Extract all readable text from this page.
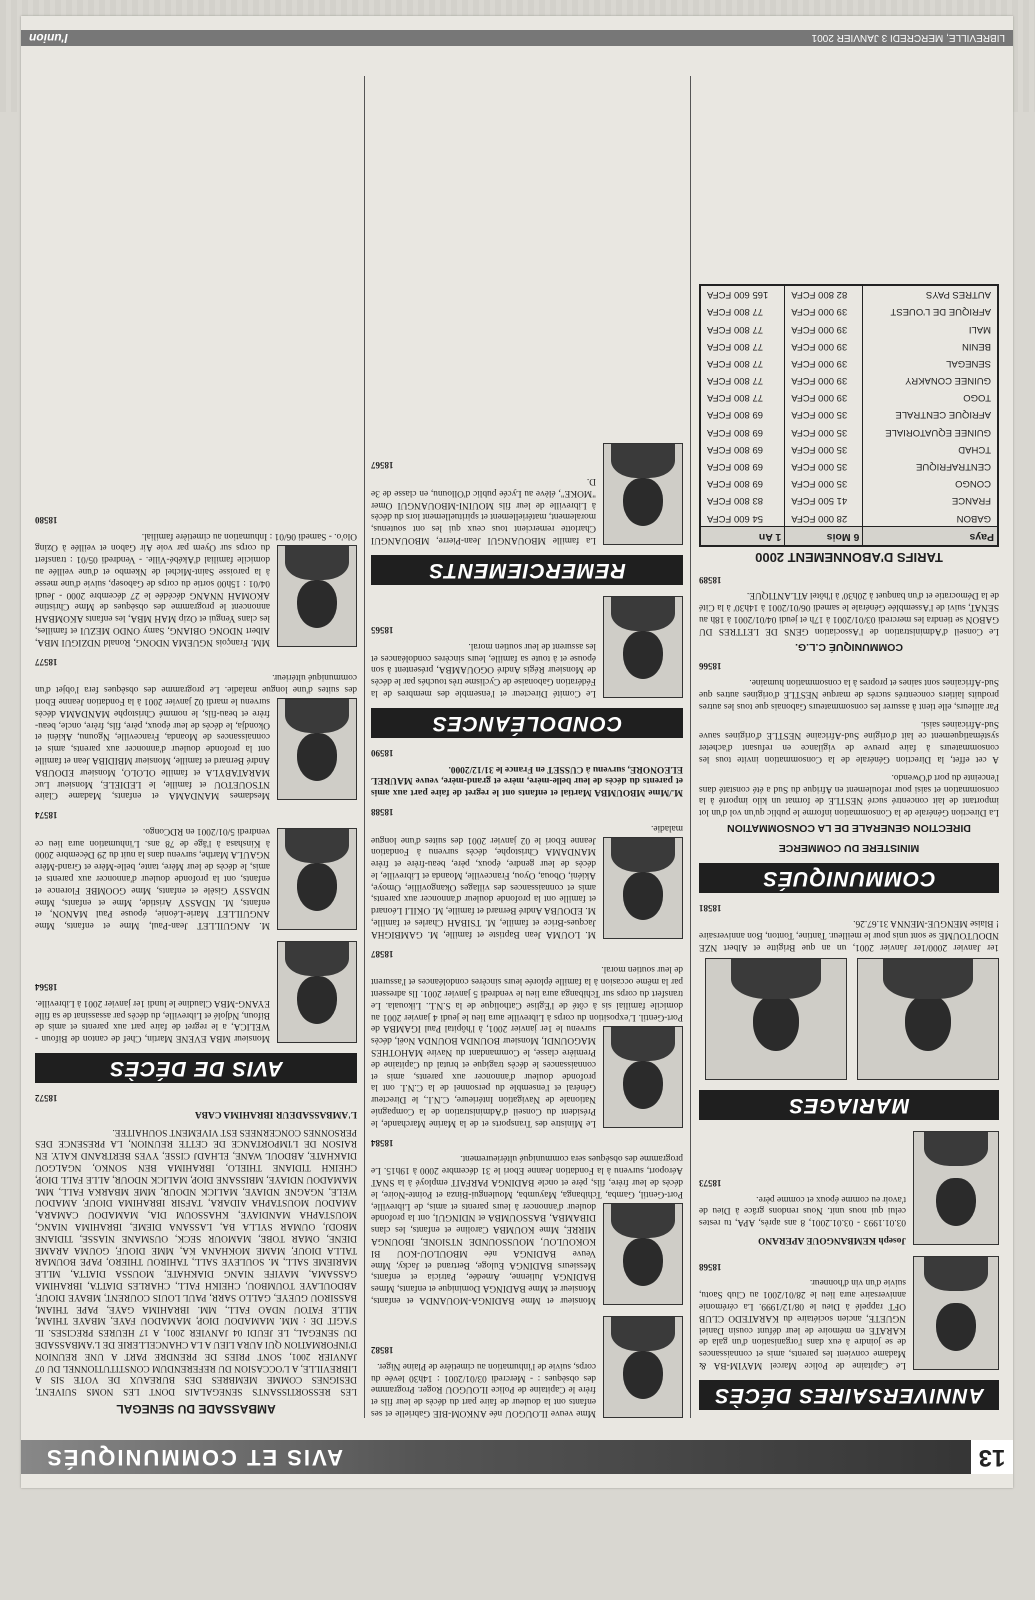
13
AVIS ET COMMUNIQUÉS
ANNIVERSAIRES DÉCÈS

Le Capitaine de Police Marcel MAYIM-BA & Madame convient les parents, amis et connaissances de se joindre à eux dans l'organisation d'un gala de KARATE en mémoire de leur défunt cousin Daniel NGUETE, ancien sociétaire du KARATEDO CLUB OFT rappelé à Dieu le 08/12/1999. La cérémonie anniversaire aura lieu le 28/01/2001 au Club Saotu, suivie d'un vin d'honneur.

18568

Joseph KEMBANGOUE APERANO

03.01.1993 - 03.01.2001, 8 ans après, APA, tu restes celui qui nous unit. Nous rendons grâce à Dieu de t'avoir eu comme époux et comme père.

18573
MARIAGES

1er Janvier 2000/1er Janvier 2001, un an que Brigitte et Albert NZE NDOUTOUME se sont unis pour le meilleur. Tantine, Tonton, Bon anniversaire ! Blaise MENGUE-MENNA 31.67.26.

18581
COMMUNIQUÉS
MINISTERE DU COMMERCE
DIRECTION GENERALE DE LA CONSOMMATION

La Direction Générale de la Consommation informe le public qu'un vol d'un lot important de lait concentré sucré NESTLE de format un kilo importé à la consommation et saisi pour refoulement en Afrique du Sud a été constaté dans l'enceinte du port d'Owendo.

A cet effet, la Direction Générale de la Consommation invite tous les consommateurs à faire preuve de vigilance en refusant d'acheter systématiquement ce lait d'origine Sud-Africaine NESTLE d'origines sauve Sud-Africaines saisi.

Par ailleurs, elle tient à assurer les consommateurs Gabonais que tous les autres produits laitiers concentrés sucrés de marque NESTLE d'origines autres que Sud-Africaines sont saines et propres à la consommation humaine.

18566
COMMUNIQUÉ C.L.G.

Le Conseil d'Administration de l'Association GENS DE LETTRES DU GABON se tiendra les mercredi 03/01/2001 à 17h et jeudi 04/01/2001 à 18h au SENAT, suivi de l'Assemblée Générale le samedi 06/01/2001 à 14h30' à la Cité de la Démocratie et d'un banquet à 20h30' à l'hôtel ATLANTIQUE.

18589
TARIFS D'ABONNEMENT 2000
Pays	6 Mois	1 An
GABON	28 000 FCFA	54 600 FCFA
FRANCE	41 500 FCFA	83 800 FCFA
CONGO	35 000 FCFA	69 800 FCFA
CENTRAFRIQUE	35 000 FCFA	69 800 FCFA
TCHAD	35 000 FCFA	69 800 FCFA
GUINEE EQUATORIALE	35 000 FCFA	69 800 FCFA
AFRIQUE CENTRALE	35 000 FCFA	69 800 FCFA
TOGO	39 000 FCFA	77 800 FCFA
GUINEE CONAKRY	39 000 FCFA	77 800 FCFA
SENEGAL	39 000 FCFA	77 800 FCFA
BENIN	39 000 FCFA	77 800 FCFA
MALI	39 000 FCFA	77 800 FCFA
AFRIQUE DE L'OUEST	39 000 FCFA	77 800 FCFA
AUTRES PAYS	82 800 FCFA	165 600 FCFA

Mme veuve ILOUGOU née ANKOM-BIE Gabrielle et ses enfants ont la douleur de faire part du décès de leur fils et frère le Capitaine de Police ILOUGOU Roger. Programme des obsèques : - Mercredi 03/01/2001 : 14h30 levée du corps, suivie de l'inhumation au cimetière de Plaine Niger.

18582

Monsieur et Mme BADINGA-MOUANDA et enfants, Monsieur et Mme BADINGA Dominique et enfants, Mmes BADINGA Julienne, Amedée, Patricia et enfants, Messieurs BADINGA Euloge, Bertrand et Jacky, Mme Veuve BADINGA née MBOULOU-KOU BI KOKOULOU, MOUSSOUNDE NTSIONE, IBOUNGA MIRRE, Mme KOUMBA Caroline et enfants, les clans DIBAMBA, BASSOUMBA et NDINGUI, ont la profonde douleur d'annoncer à leurs parents et amis, de Libreville, Port-Gentil, Gamba, Tchibanga, Mayumba, Moulengui-Binza et Pointe-Noire, le décès de leur frère, fils, père et oncle BADINGA PARFAIT employé à la SNAT Aéroport, survenu à la Fondation Jeanne Ebori le 31 décembre 2000 à 19h15. Le programme des obsèques sera communiqué ultérieurement.

18584

Le Ministre des Transports et de la Marine Marchande, le Président du Conseil d'Administration de la Compagnie Nationale de Navigation Intérieure, C.N.I., le Directeur Général et l'ensemble du personnel de la C.N.I. ont la profonde douleur d'annoncer aux parents, amis et connaissances le décès tragique et brutal du Capitaine de Première classe, le Commandant du Navire MAHOTHES MAGOUNDI, Monsieur BOUNDA BOUNDA Noël, décès survenu le 1er janvier 2001, à l'hôpital Paul IGAMBA de Port-Gentil. L'exposition du corps à Libreville aura lieu le jeudi 4 janvier 2001 au domicile familial sis à côté de l'Eglise Catholique de la S.N.L. Likouala. Le transfert du corps sur Tchibanga aura lieu le vendredi 5 janvier 2001. Ils adressent par la même occasion à la famille éplorée leurs sincères condoléances et l'assurent de leur soutien moral.

18587

M. LOUMA Jean Baptiste et famille, M. GAMBIGHA Jacques-Brice et famille, M. TSIBAH Charles et famille, M. EDOUBA André Bernard et famille, M. OKILI Léonard et famille ont la profonde douleur d'annoncer aux parents, amis et connaissances des villages Okangovillie, Omoye, Akiéni, Oboua, Oyou, Franceville, Moanda et Libreville, le décès de leur gendre, époux, père, beau-frère et frère MANDAMA Christophe, décès survenu à Fondation Jeanne Ebori le 02 janvier 2001 des suites d'une longue maladie.

18588

M./Mme MBOUMBA Martial et enfants ont le regret de faire part aux amis et parents du décès de leur belle-mère, mère et grand-mère, veuve MAUREL ELEONORE, survenu à CUSSET en France le 31/12/2000.

18590
CONDOLÉANCES

Le Comité Directeur et l'ensemble des membres de la Fédération Gabonaise de Cyclisme très touchés par le décès de Monsieur Régis André OGOUAMBA, présentent à son épouse et à toute sa famille, leurs sincères condoléances et les assurent de leur soutien moral.

18565
REMERCIEMENTS

La famille MBOUANGUI Jean-Pierre, MBOUANGUI Charlotte remercient tous ceux qui les ont soutenus, moralement, matériellement et spirituellement lors du décès à Libreville de leur fils MOUINI-MBOUANGUI Omer "MOKE", élève au Lycée public d'Ollounu, en classe de 3e D.

18567
AMBASSADE DU SENEGAL

LES RESSORTISSANTS SENEGALAIS DONT LES NOMS SUIVENT, DESIGNES COMME MEMBRES DES BUREAUX DE VOTE SIS A LIBREVILLE, A L'OCCASION DU REFERENDUM CONSTITUTIONNEL DU 07 JANVIER 2001, SONT PRIES DE PRENDRE PART A UNE REUNION D'INFORMATION QUI AURA LIEU A LA CHANCELLERIE DE L'AMBASSADE DU SENEGAL, LE JEUDI 04 JANVIER 2001, A 17 HEURES PRECISES. IL S'AGIT DE : MM. MAMADOU DIOP, MAMADOU FAYE, MBAYE THIAM, MLLE FATOU NDAO FALL, MM. IBRAHIMA GAYE, PAPE THIAM, BASSIROU GUEYE, GALLO SARR, PAUL LOUIS COURENT, MBAYE DIOUF, ABDOULAYE TOUMBOU, CHEIKH FALL, CHARLES DIATTA, IBRAHIMA GASSAMA, MAYIFE NIANG DIAKHATE, MOUSSA DIATTA, MLLE MARIEME SALL, M. SOULEYE SALL, TAHIROU THIERO, PAPE BOUMAR TALLA DIOUF, MAME MOKHANA KA, MME DIOUF, GOUMA ARAME DIENE, OMAR TOBE, MAMOUR SECK, OUSMANE NIASSE, TIDIANE MBODJ, OUMAR SYLLA BA, LASSANA DIEME, IBRAHIMA NIANG, MOUSTAPHA MANDIAYE, KHASSOUM DIA, MAMADOU CAMARA, AMADOU MOUSTAPHA AIDARA, TAFSIR IBRAHIMA DIOUF, AMADOU WELE, NGAGNE NDIAYE, MALICK NDOUR, MME MBARKA FALL, MM. MAMADOU NDIAYE, MBISSANE DIOP, MALICK NDOUR, ALLE FALL DIOP, CHEIKH TIDIANE THIELO, IBRAHIMA BEN SONKO, NGALGOU DIAKHATE, ABDOUL WANE, ELHADJ CISSE, YVES BERTRAND KALY. EN RAISON DE L'IMPORTANCE DE CETTE REUNION, LA PRESENCE DES PERSONNES CONCERNEES EST VIVEMENT SOUHAITEE.

L'AMBASSADEUR IBRAHIMA CABA

18572
AVIS DE DÉCÈS

Monsieur MBA EVENE Martin, Chef de canton de Bifoun -WELICA, a le regret de faire part aux parents et amis de Bifoun, Ndjolé et Libreville, du décès par assassinat de sa fille EYANG-MBA Claudine le lundi 1er janvier 2001 à Libreville.

18564

M. ANGUILLET Jean-Paul, Mme et enfants, Mme ANGUILLET Marie-Léonie, épouse Paul MANON, et enfants, M. NDASSY Aristide, Mme et enfants, Mme NDASSY Gisèle et enfants, Mme GOOMBE Florence et enfants, ont la profonde douleur d'annoncer aux parents et amis, le décès de leur Mère, tante, belle-Mère et Grand-Mère NGAULA Marthe, survenu dans la nuit du 29 Décembre 2000 à Kinshasa à l'âge de 78 ans. L'inhumation aura lieu ce vendredi 5/01/2001 en RDCongo.

18574

Mesdames MANDAMA et enfants, Madame Claire NTSOUETOU et famille, le LEDIELE, Monsieur Luc MARATABYLA et famille OLOLO, Monsieur EDOUBA André Bernard et famille, Monsieur MBIDIBA Jean et famille ont la profonde douleur d'annoncer aux parents, amis et connaissances de Moanda, Franceville, Ngounu, Akiéni et Okondja, le décès de leur époux, père, fils, frère, oncle, beau-frère et beau-fils, le nommé Christophe MANDAMA décès survenu le mardi 02 janvier 2001 à la Fondation Jeanne Ebori des suites d'une longue maladie. Le programme des obsèques fera l'objet d'un communiqué ultérieur.

18577

MM. François NGUEMA NDONG, Ronald NDZIGUI MBA, Albert NDONG OBIANG, Samy ONDO MEZUI et familles, les clans Yengui et Ozip MAH MBA, les enfants AKOMBAH annoncent le programme des obsèques de Mme Christine AKOMAH NNANG décédée le 27 décembre 2000 - Jeudi 04/01 : 15h00 sortie du corps de Gabosep, suivie d'une messe à la paroisse Saint-Michel de Nkembo et d'une veillée au domicile familial d'Akébé-Ville. - Vendredi 05/01 : transfert du corps sur Oyem par voie Air Gabon et veillée à Ozing Olo'o. - Samedi 06/01 : Inhumation au cimetière familial.

18580
LIBREVILLE, MERCREDI 3 JANVIER 2001
l'union
